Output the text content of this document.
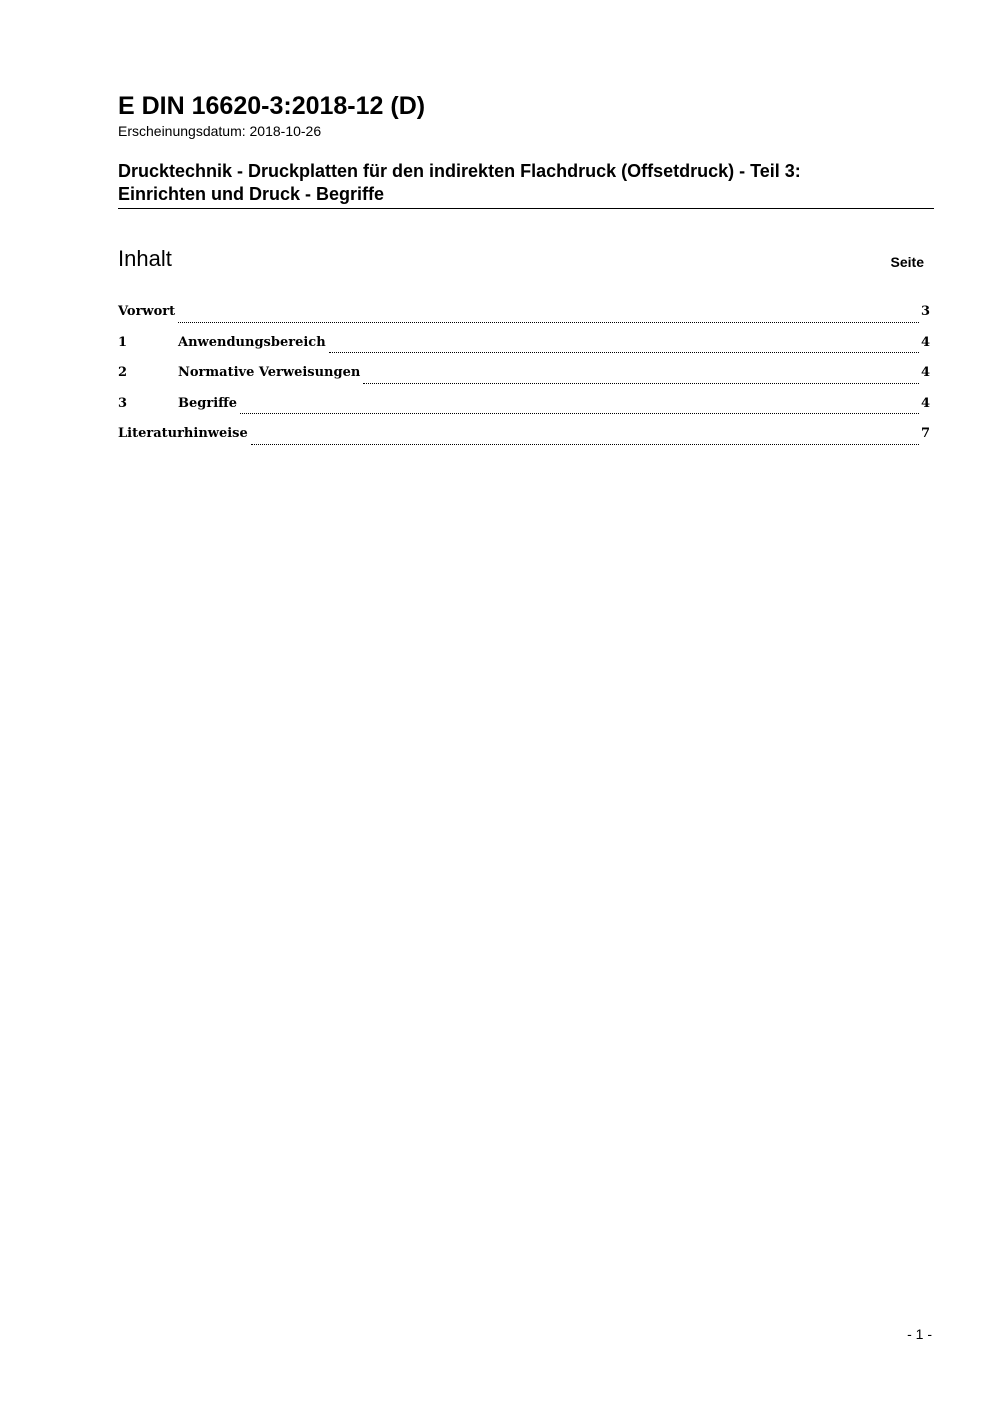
E DIN 16620-3:2018-12 (D)
Erscheinungsdatum: 2018-10-26
Drucktechnik - Druckplatten für den indirekten Flachdruck (Offsetdruck) - Teil 3:
Einrichten und Druck - Begriffe
Inhalt	Seite
Vorwort	3
1	Anwendungsbereich	4
2	Normative Verweisungen	4
3	Begriffe	4
Literaturhinweise	7
- 1 -
